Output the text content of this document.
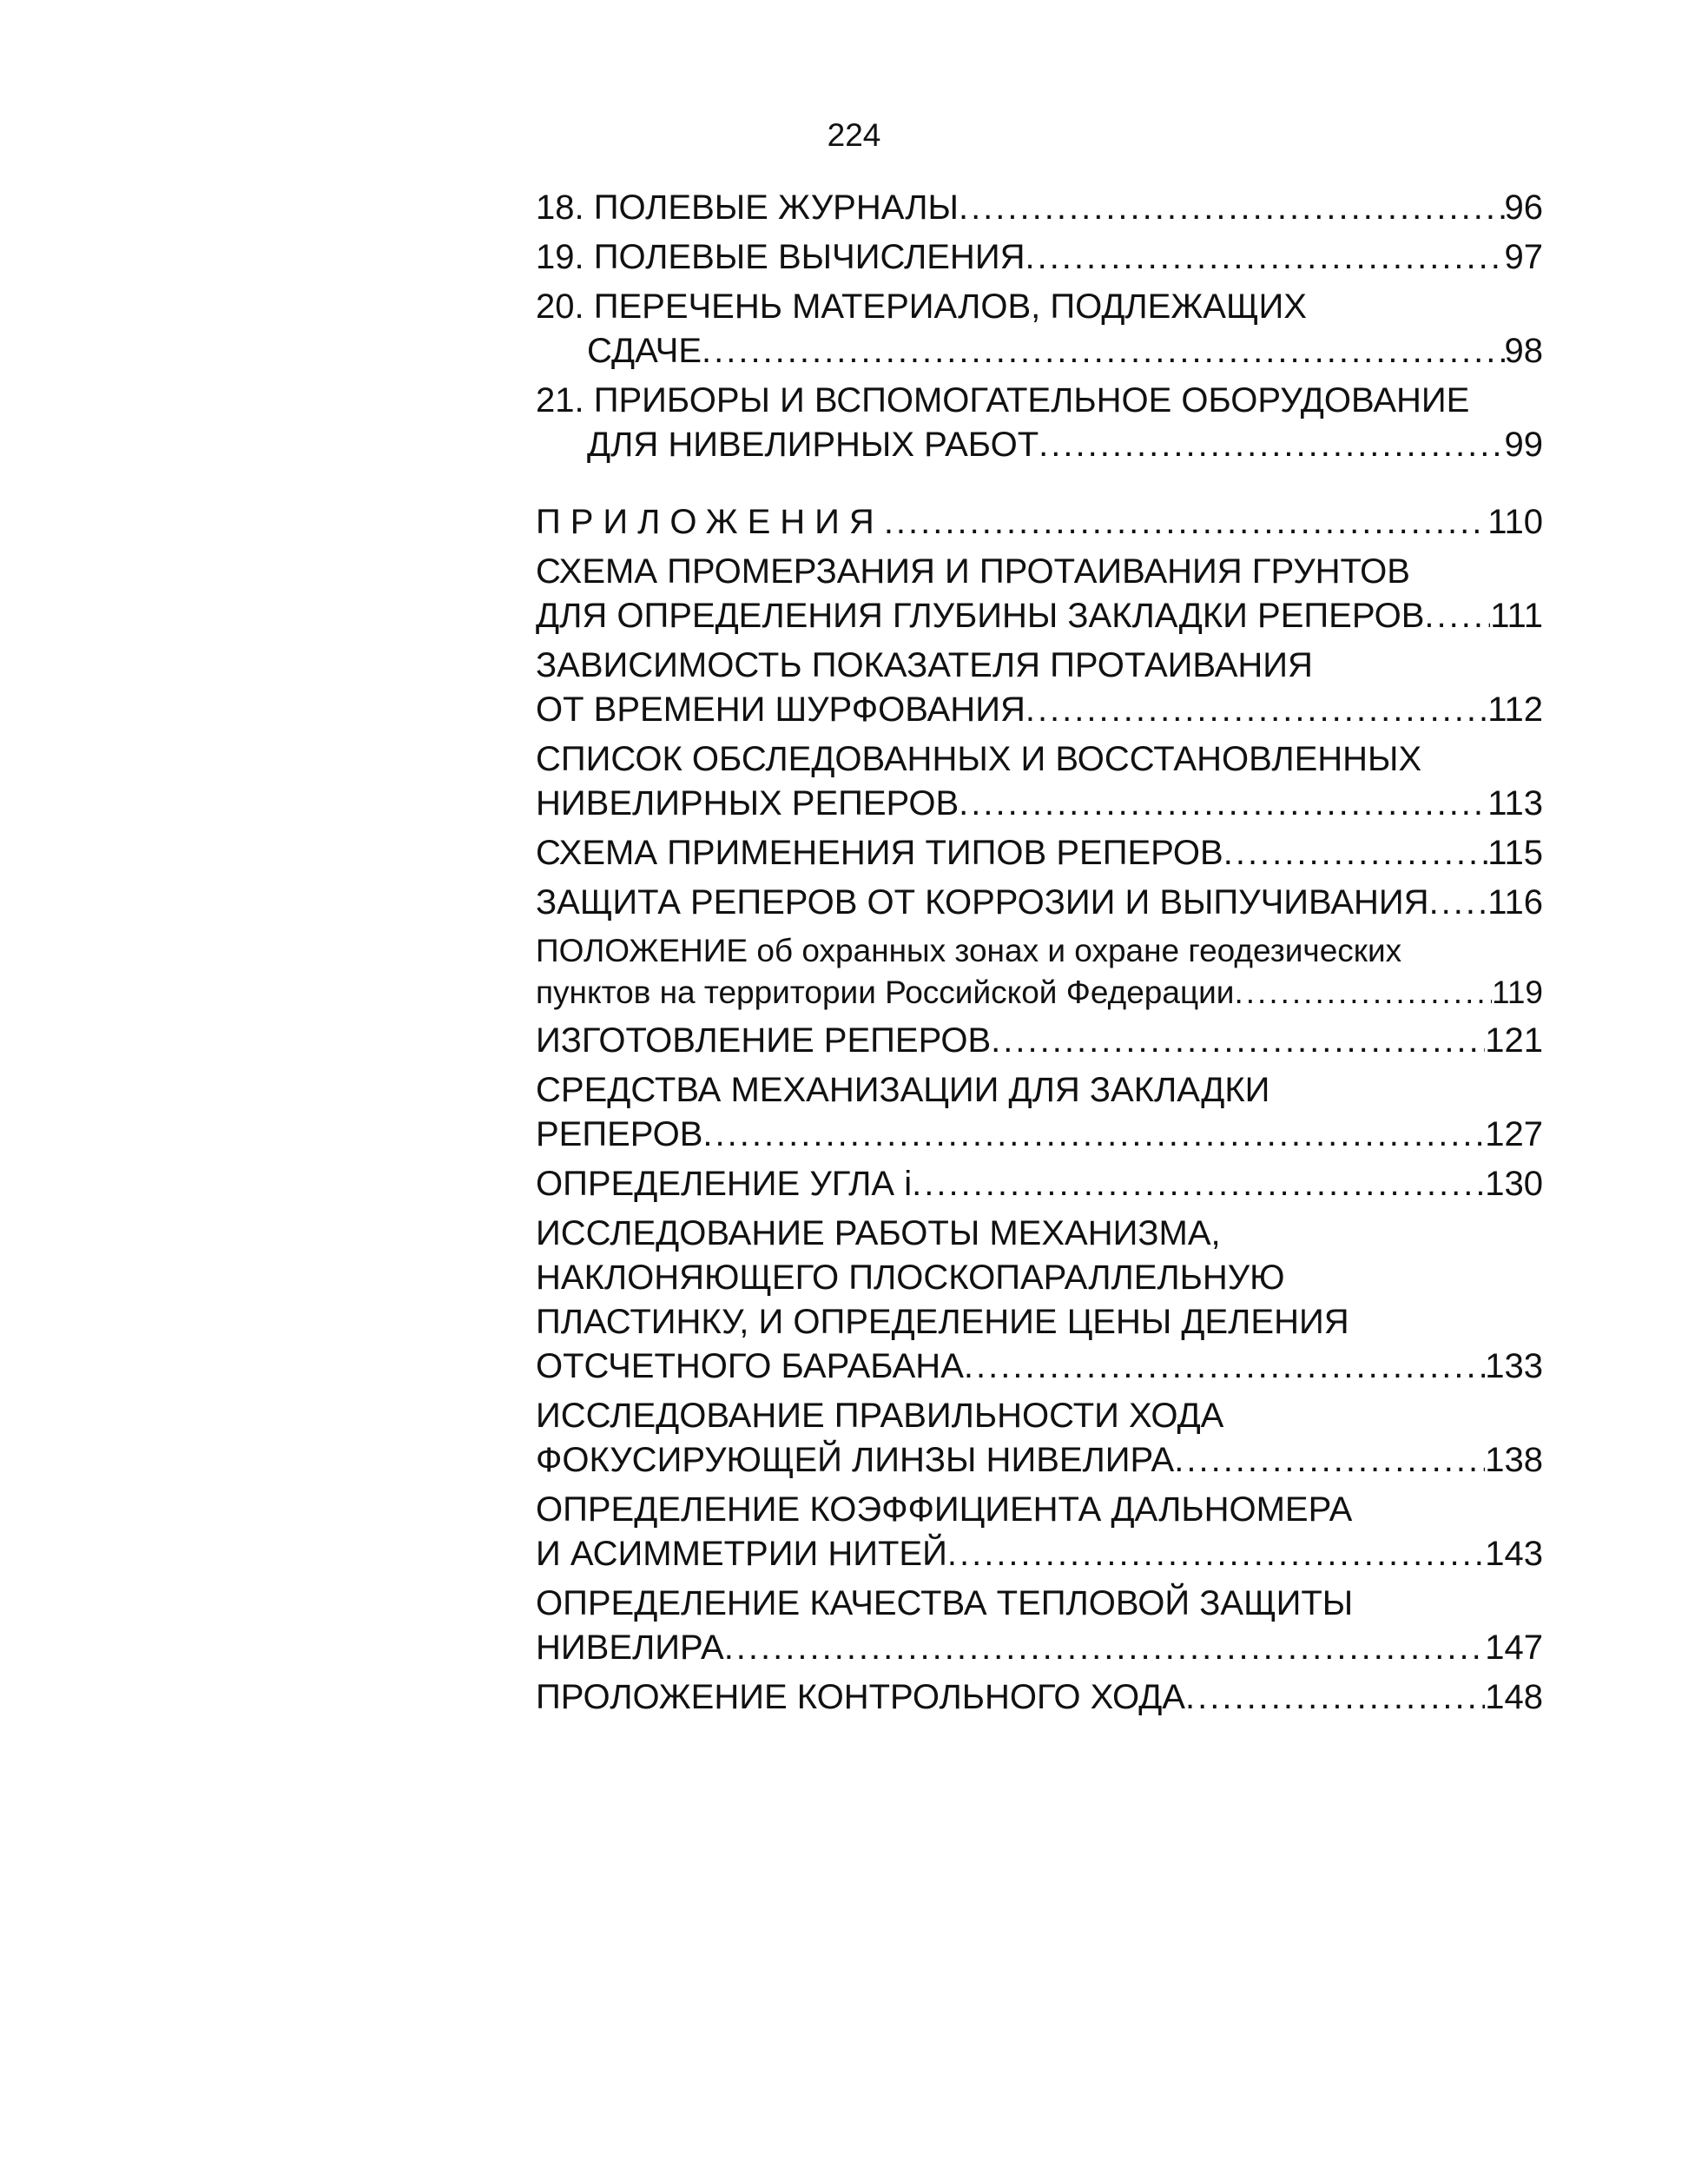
224
18. ПОЛЕВЫЕ ЖУРНАЛЫ .....	96
19. ПОЛЕВЫЕ ВЫЧИСЛЕНИЯ .....	97
20. ПЕРЕЧЕНЬ МАТЕРИАЛОВ, ПОДЛЕЖАЩИХ
СДАЧЕ .....	98
21. ПРИБОРЫ И ВСПОМОГАТЕЛЬНОЕ ОБОРУДОВАНИЕ
ДЛЯ НИВЕЛИРНЫХ РАБОТ .....	99
ПРИЛОЖЕНИЯ .....	110
СХЕМА ПРОМЕРЗАНИЯ И ПРОТАИВАНИЯ ГРУНТОВ
ДЛЯ ОПРЕДЕЛЕНИЯ ГЛУБИНЫ ЗАКЛАДКИ РЕПЕРОВ ..... 111
ЗАВИСИМОСТЬ ПОКАЗАТЕЛЯ ПРОТАИВАНИЯ
ОТ ВРЕМЕНИ ШУРФОВАНИЯ .....	112
СПИСОК ОБСЛЕДОВАННЫХ И ВОССТАНОВЛЕННЫХ
НИВЕЛИРНЫХ РЕПЕРОВ .....	113
СХЕМА ПРИМЕНЕНИЯ ТИПОВ РЕПЕРОВ .....	115
ЗАЩИТА РЕПЕРОВ ОТ КОРРОЗИИ И ВЫПУЧИВАНИЯ ..... 116
ПОЛОЖЕНИЕ об охранных зонах и охране геодезических
пунктов на территории Российской Федерации .....	119
ИЗГОТОВЛЕНИЕ РЕПЕРОВ .....	121
СРЕДСТВА МЕХАНИЗАЦИИ ДЛЯ ЗАКЛАДКИ
РЕПЕРОВ .....	127
ОПРЕДЕЛЕНИЕ УГЛА i .....	130
ИССЛЕДОВАНИЕ РАБОТЫ МЕХАНИЗМА,
НАКЛОНЯЮЩЕГО ПЛОСКОПАРАЛЛЕЛЬНУЮ
ПЛАСТИНКУ, И ОПРЕДЕЛЕНИЕ ЦЕНЫ ДЕЛЕНИЯ
ОТСЧЕТНОГО БАРАБАНА .....	133
ИССЛЕДОВАНИЕ ПРАВИЛЬНОСТИ ХОДА
ФОКУСИРУЮЩЕЙ ЛИНЗЫ НИВЕЛИРА .....	138
ОПРЕДЕЛЕНИЕ КОЭФФИЦИЕНТА ДАЛЬНОМЕРА
И АСИММЕТРИИ НИТЕЙ .....	143
ОПРЕДЕЛЕНИЕ КАЧЕСТВА ТЕПЛОВОЙ ЗАЩИТЫ
НИВЕЛИРА .....	147
ПРОЛОЖЕНИЕ КОНТРОЛЬНОГО ХОДА .....	148
